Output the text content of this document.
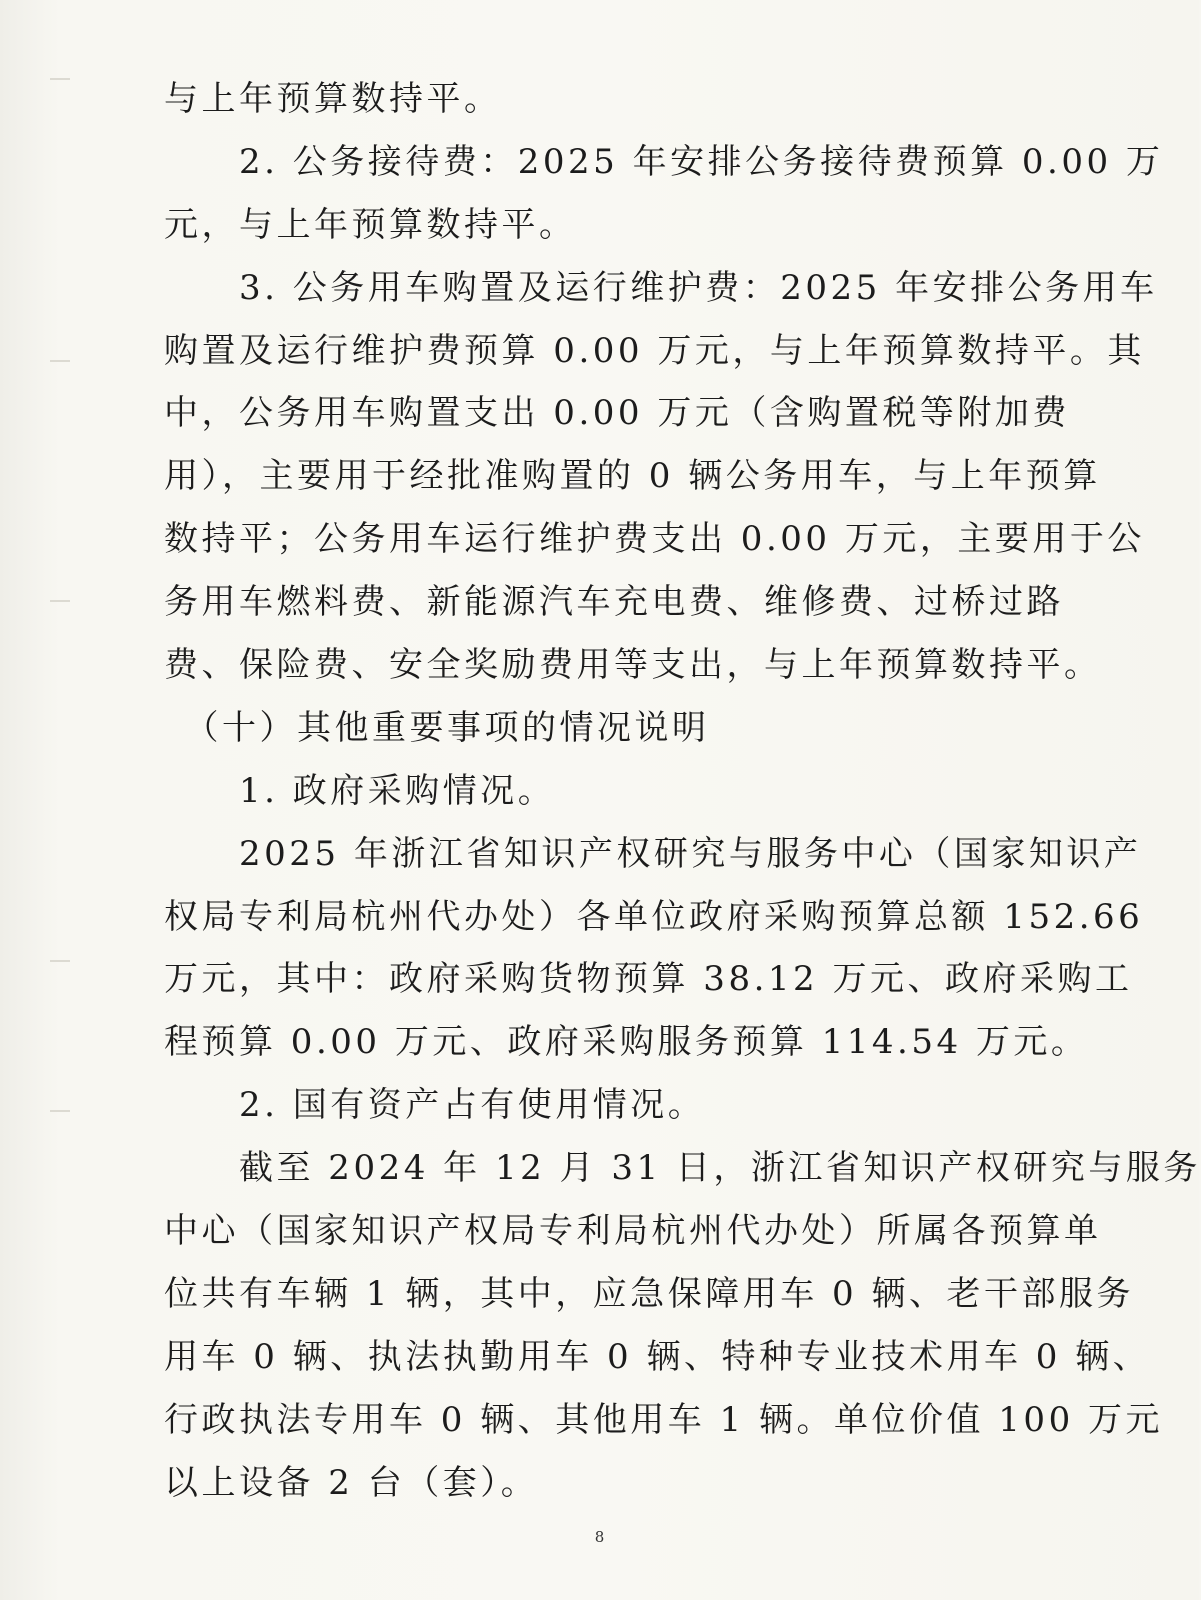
与上年预算数持平。
　　2. 公务接待费：2025 年安排公务接待费预算 0.00 万
元，与上年预算数持平。
　　3. 公务用车购置及运行维护费：2025 年安排公务用车
购置及运行维护费预算 0.00 万元，与上年预算数持平。其
中，公务用车购置支出 0.00 万元（含购置税等附加费
用），主要用于经批准购置的 0 辆公务用车，与上年预算
数持平；公务用车运行维护费支出 0.00 万元，主要用于公
务用车燃料费、新能源汽车充电费、维修费、过桥过路
费、保险费、安全奖励费用等支出，与上年预算数持平。
　（十）其他重要事项的情况说明
　　1. 政府采购情况。
　　2025 年浙江省知识产权研究与服务中心（国家知识产
权局专利局杭州代办处）各单位政府采购预算总额 152.66
万元，其中：政府采购货物预算 38.12 万元、政府采购工
程预算 0.00 万元、政府采购服务预算 114.54 万元。
　　2. 国有资产占有使用情况。
　　截至 2024 年 12 月 31 日，浙江省知识产权研究与服务
中心（国家知识产权局专利局杭州代办处）所属各预算单
位共有车辆 1 辆，其中，应急保障用车 0 辆、老干部服务
用车 0 辆、执法执勤用车 0 辆、特种专业技术用车 0 辆、
行政执法专用车 0 辆、其他用车 1 辆。单位价值 100 万元
以上设备 2 台（套）。
8
